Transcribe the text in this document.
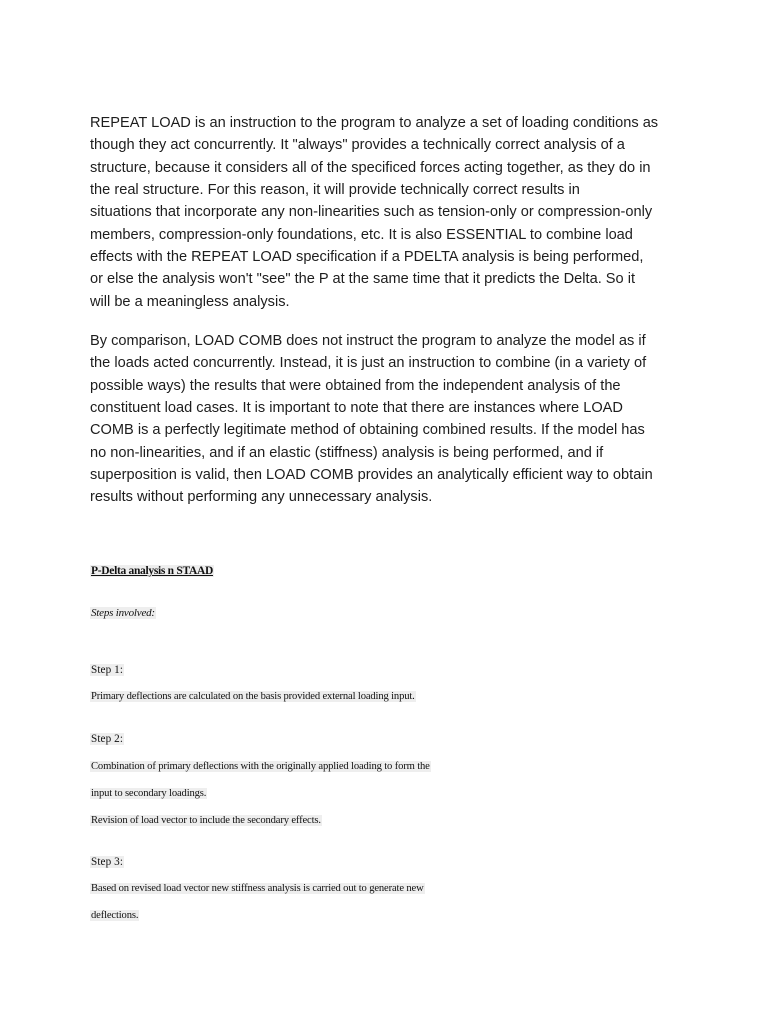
REPEAT LOAD is an instruction to the program to analyze a set of loading conditions as
though they act concurrently. It "always" provides a technically correct analysis of a
structure, because it considers all of the specificed forces acting together, as they do in
the real structure. For this reason, it will provide technically correct results in
situations that incorporate any non-linearities such as tension-only or compression-only
members, compression-only foundations, etc. It is also ESSENTIAL to combine load
effects with the REPEAT LOAD specification if a PDELTA analysis is being performed,
or else the analysis won't "see" the P at the same time that it predicts the Delta. So it
will be a meaningless analysis.
By comparison, LOAD COMB does not instruct the program to analyze the model as if
the loads acted concurrently. Instead, it is just an instruction to combine (in a variety of
possible ways) the results that were obtained from the independent analysis of the
constituent load cases. It is important to note that there are instances where LOAD
COMB is a perfectly legitimate method of obtaining combined results. If the model has
no non-linearities, and if an elastic (stiffness) analysis is being performed, and if
superposition is valid, then LOAD COMB provides an analytically efficient way to obtain
results without performing any unnecessary analysis.

P-Delta analysis n STAAD

Steps involved:

Step 1:

Primary deflections are calculated on the basis provided external loading input.

Step 2:

Combination of primary deflections with the originally applied loading to form the

input to secondary loadings.

Revision of load vector to include the secondary effects.

Step 3:

Based on revised load vector new stiffness analysis is carried out to generate new

deflections.
